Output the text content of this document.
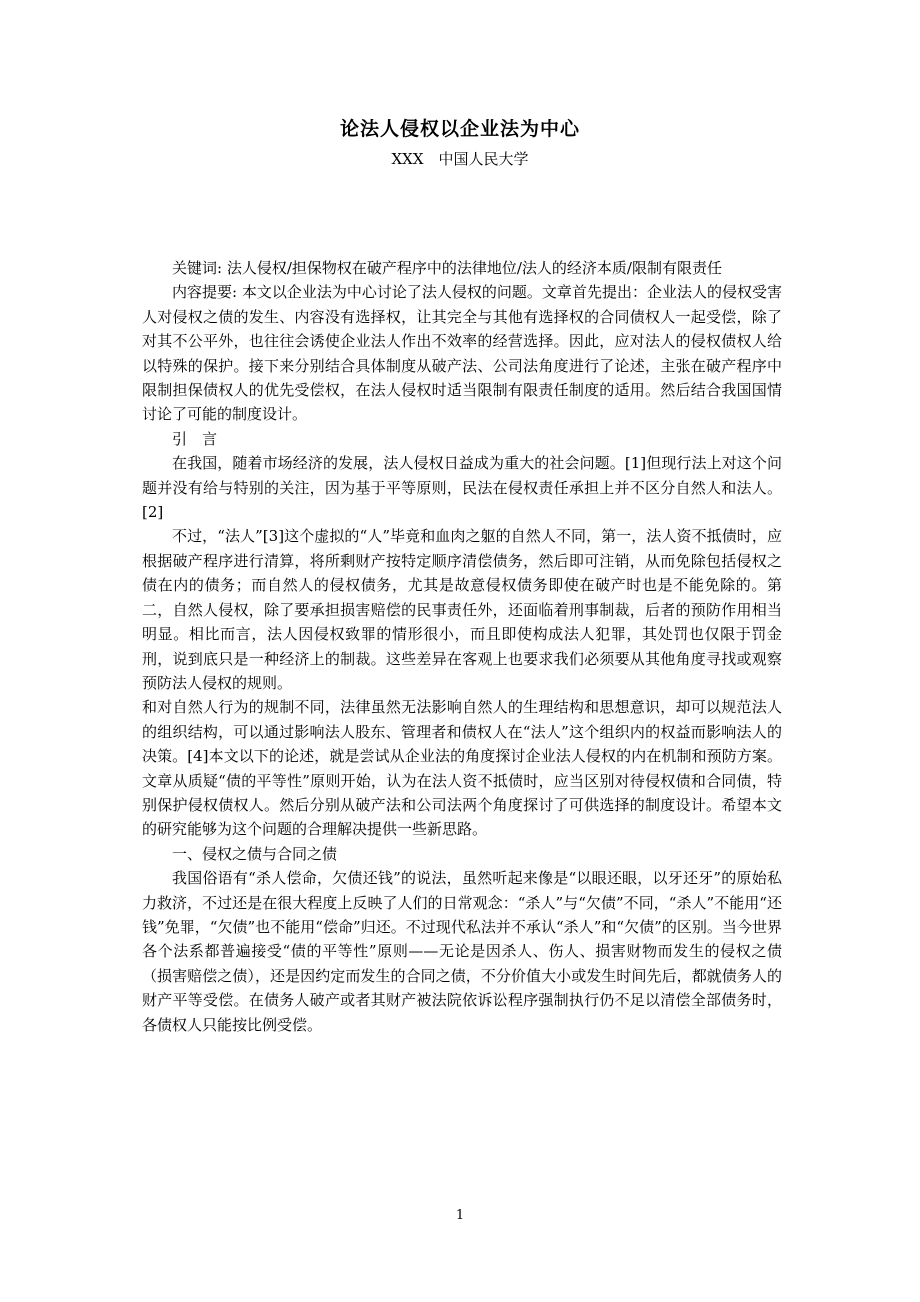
论法人侵权以企业法为中心
XXX　中国人民大学

关键词: 法人侵权/担保物权在破产程序中的法律地位/法人的经济本质/限制有限责任

内容提要: 本文以企业法为中心讨论了法人侵权的问题。文章首先提出：企业法人的侵权受害人对侵权之债的发生、内容没有选择权，让其完全与其他有选择权的合同债权人一起受偿，除了对其不公平外，也往往会诱使企业法人作出不效率的经营选择。因此，应对法人的侵权债权人给以特殊的保护。接下来分别结合具体制度从破产法、公司法角度进行了论述，主张在破产程序中限制担保债权人的优先受偿权，在法人侵权时适当限制有限责任制度的适用。然后结合我国国情讨论了可能的制度设计。

引　言

在我国，随着市场经济的发展，法人侵权日益成为重大的社会问题。[1]但现行法上对这个问题并没有给与特别的关注，因为基于平等原则，民法在侵权责任承担上并不区分自然人和法人。[2]

不过，“法人”[3]这个虚拟的“人”毕竟和血肉之躯的自然人不同，第一，法人资不抵债时，应根据破产程序进行清算，将所剩财产按特定顺序清偿债务，然后即可注销，从而免除包括侵权之债在内的债务；而自然人的侵权债务，尤其是故意侵权债务即使在破产时也是不能免除的。第二，自然人侵权，除了要承担损害赔偿的民事责任外，还面临着刑事制裁，后者的预防作用相当明显。相比而言，法人因侵权致罪的情形很小，而且即使构成法人犯罪，其处罚也仅限于罚金刑，说到底只是一种经济上的制裁。这些差异在客观上也要求我们必须要从其他角度寻找或观察预防法人侵权的规则。

和对自然人行为的规制不同，法律虽然无法影响自然人的生理结构和思想意识，却可以规范法人的组织结构，可以通过影响法人股东、管理者和债权人在“法人”这个组织内的权益而影响法人的决策。[4]本文以下的论述，就是尝试从企业法的角度探讨企业法人侵权的内在机制和预防方案。文章从质疑“债的平等性”原则开始，认为在法人资不抵债时，应当区别对待侵权债和合同债，特别保护侵权债权人。然后分别从破产法和公司法两个角度探讨了可供选择的制度设计。希望本文的研究能够为这个问题的合理解决提供一些新思路。

一、侵权之债与合同之债

我国俗语有“杀人偿命，欠债还钱”的说法，虽然听起来像是“以眼还眼，以牙还牙”的原始私力救济，不过还是在很大程度上反映了人们的日常观念：“杀人”与“欠债”不同，“杀人”不能用“还钱”免罪，“欠债”也不能用“偿命”归还。不过现代私法并不承认“杀人”和“欠债”的区别。当今世界各个法系都普遍接受“债的平等性”原则——无论是因杀人、伤人、损害财物而发生的侵权之债（损害赔偿之债），还是因约定而发生的合同之债，不分价值大小或发生时间先后，都就债务人的财产平等受偿。在债务人破产或者其财产被法院依诉讼程序强制执行仍不足以清偿全部债务时，各债权人只能按比例受偿。

1
